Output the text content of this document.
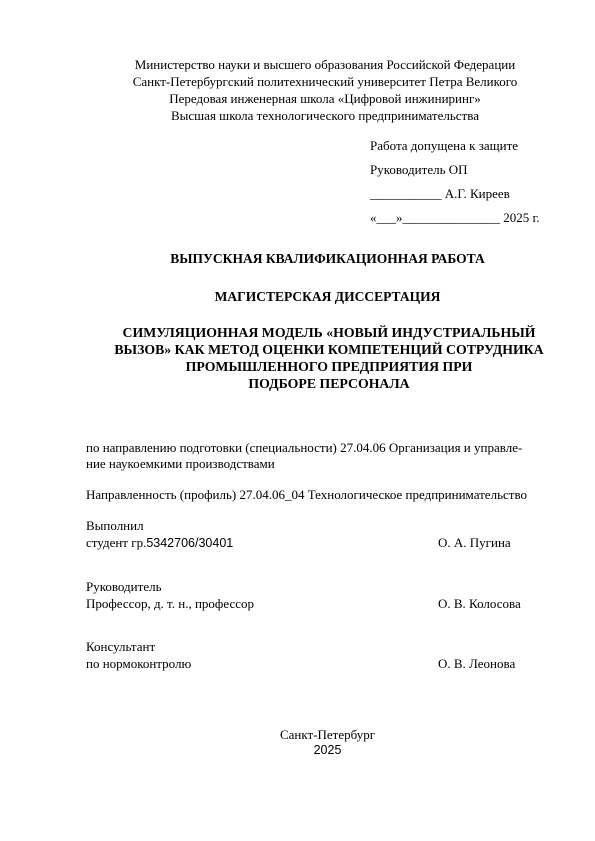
Министерство науки и высшего образования Российской Федерации
Санкт-Петербургский политехнический университет Петра Великого
Передовая инженерная школа «Цифровой инжиниринг»
Высшая школа технологического предпринимательства
Работа допущена к защите
Руководитель ОП
___________ А.Г. Киреев
«___»_______________ 2025 г.
ВЫПУСКНАЯ КВАЛИФИКАЦИОННАЯ РАБОТА
МАГИСТЕРСКАЯ ДИССЕРТАЦИЯ
СИМУЛЯЦИОННАЯ МОДЕЛЬ «НОВЫЙ ИНДУСТРИАЛЬНЫЙ
ВЫЗОВ» КАК МЕТОД ОЦЕНКИ КОМПЕТЕНЦИЙ СОТРУДНИКА
ПРОМЫШЛЕННОГО ПРЕДПРИЯТИЯ ПРИ
ПОДБОРЕ ПЕРСОНАЛА
по направлению подготовки (специальности) 27.04.06 Организация и управле-
ние наукоемкими производствами
Направленность (профиль) 27.04.06_04 Технологическое предпринимательство
Выполнил
студент гр.5342706/30401	О. А. Пугина
Руководитель
Профессор, д. т. н., профессор	О. В. Колосова
Консультант
по нормоконтролю	О. В. Леонова
Санкт-Петербург
2025
